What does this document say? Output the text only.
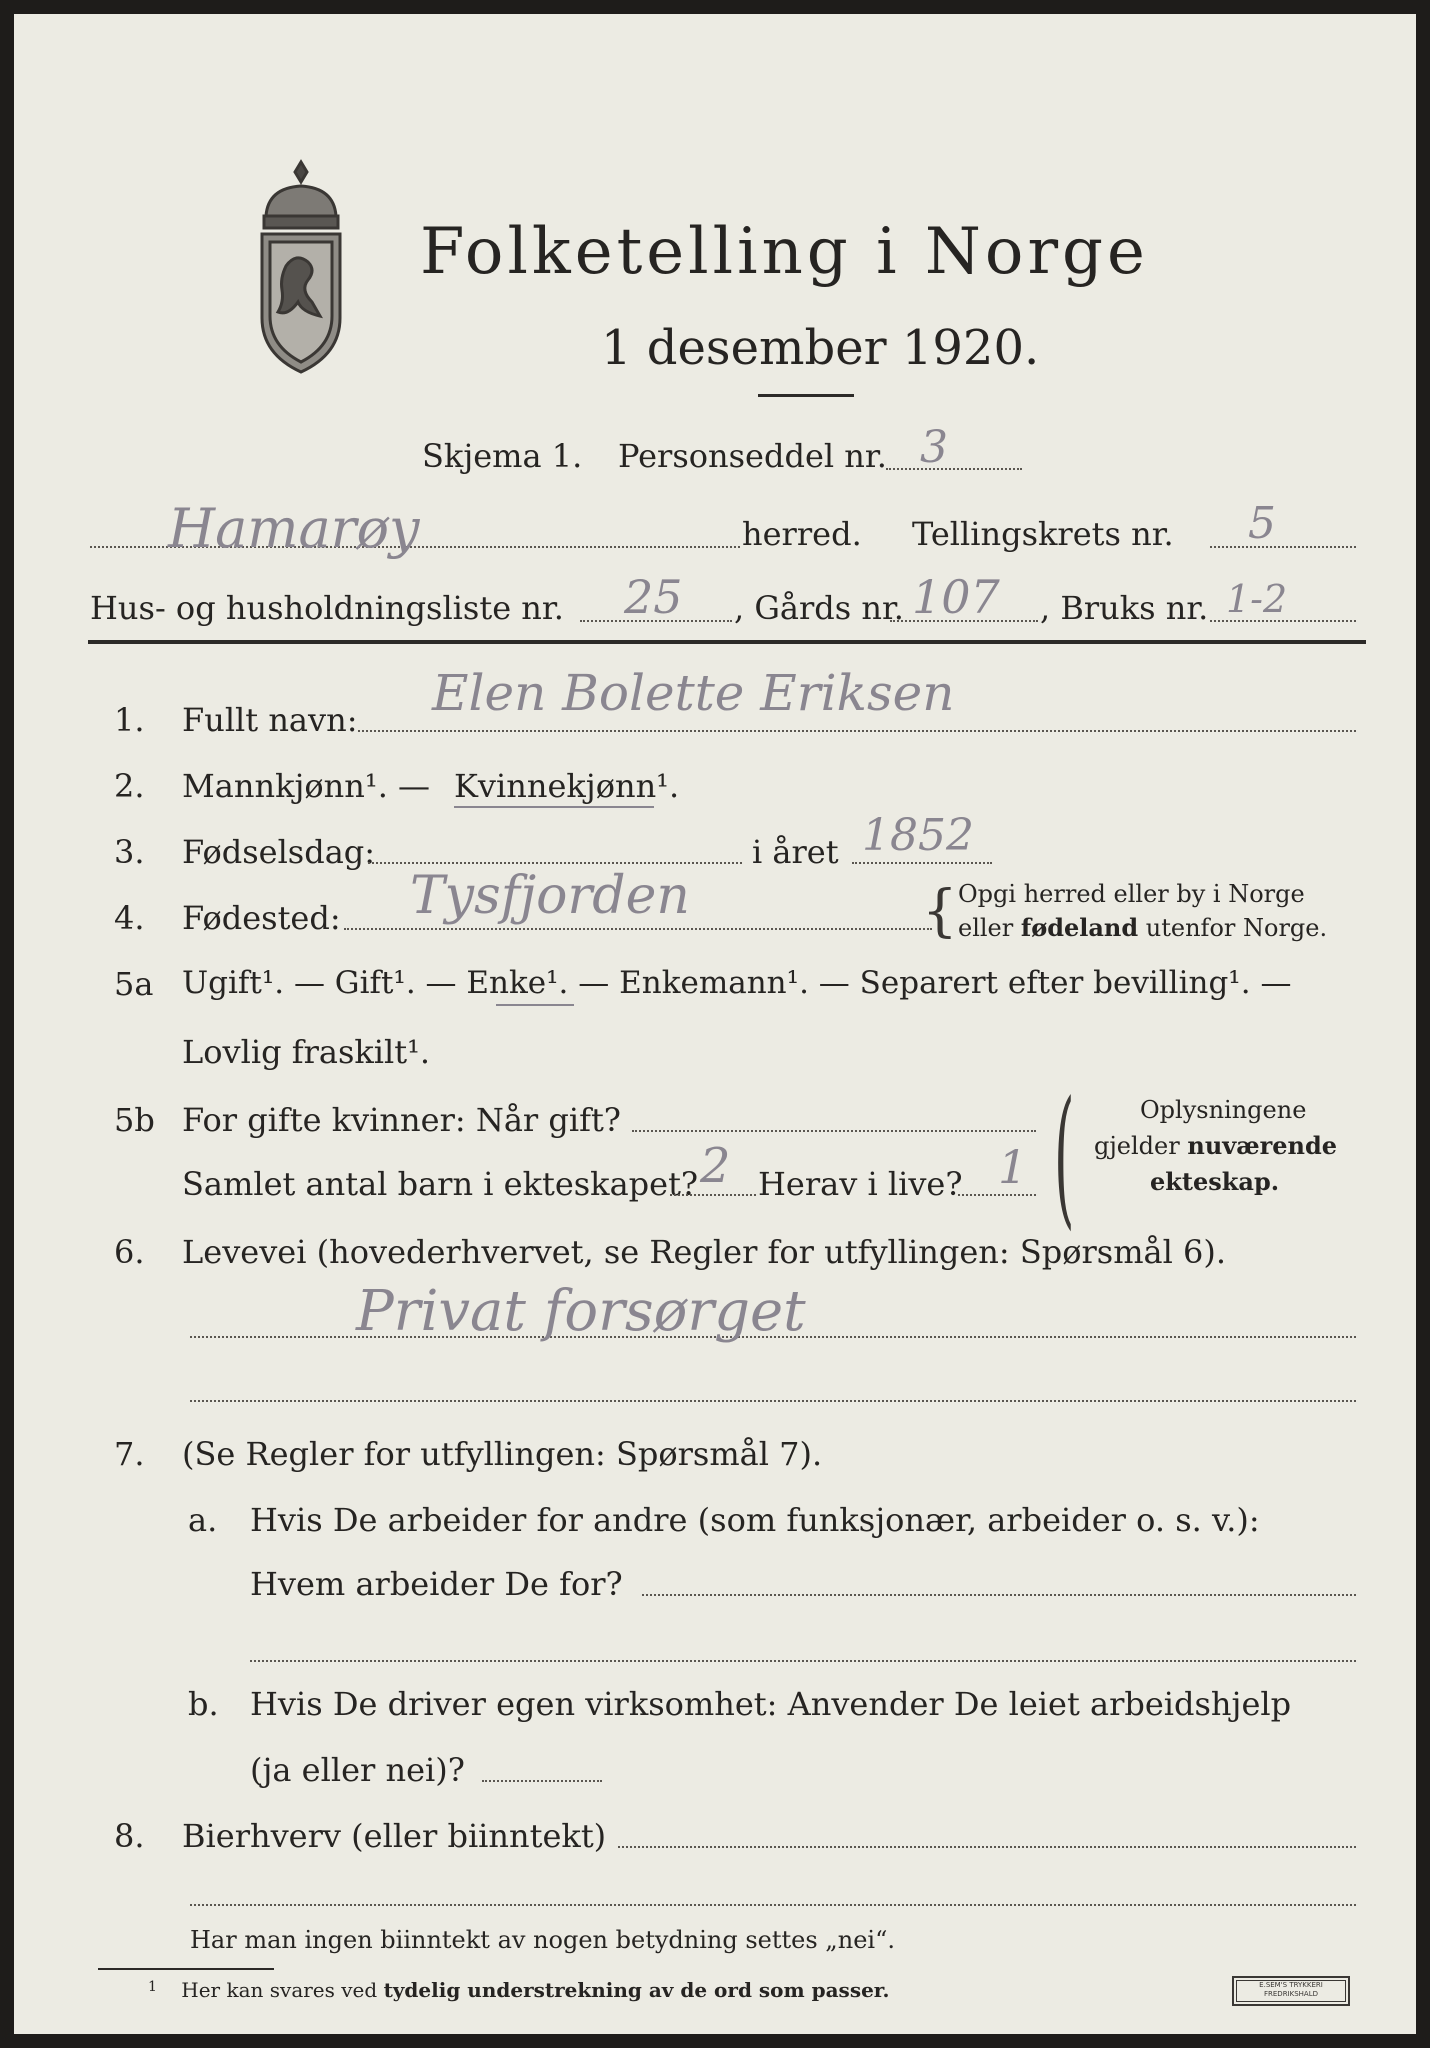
Folketelling i Norge
1 desember 1920.
Skjema 1. Personseddel nr. 3
Hamarøy	herred. Tellingskrets nr. 5
Hus- og husholdningsliste nr. 25 , Gårds nr. 107 , Bruks nr. 1-2
1. Fullt navn: Elen Bolette Eriksen
2. Mannkjønn¹. — Kvinnekjønn¹.
3. Fødselsdag:	i året 1852
4. Fødested: Tysfjorden	{ Opgi herred eller by i Norge
eller fødeland utenfor Norge.
5a Ugift¹. — Gift¹. — Enke¹. — Enkemann¹. — Separert efter bevilling¹. —
Lovlig fraskilt¹.
5b For gifte kvinner: Når gift?
Samlet antal barn i ekteskapet? 2 Herav i live? 1 (	Oplysningene
gjelder nuværende
ekteskap.
6. Levevei (hovederhvervet, se Regler for utfyllingen: Spørsmål 6).
Privat forsørget
7. (Se Regler for utfyllingen: Spørsmål 7).
a. Hvis De arbeider for andre (som funksjonær, arbeider o. s. v.):
Hvem arbeider De for?
b. Hvis De driver egen virksomhet: Anvender De leiet arbeidshjelp
(ja eller nei)?
8. Bierhverv (eller biinntekt)
Har man ingen biinntekt av nogen betydning settes „nei“.
$^1$ Her kan svares ved tydelig understrekning av de ord som passer.	E.SEM'S TRYKKERI
FREDRIKSHALD
